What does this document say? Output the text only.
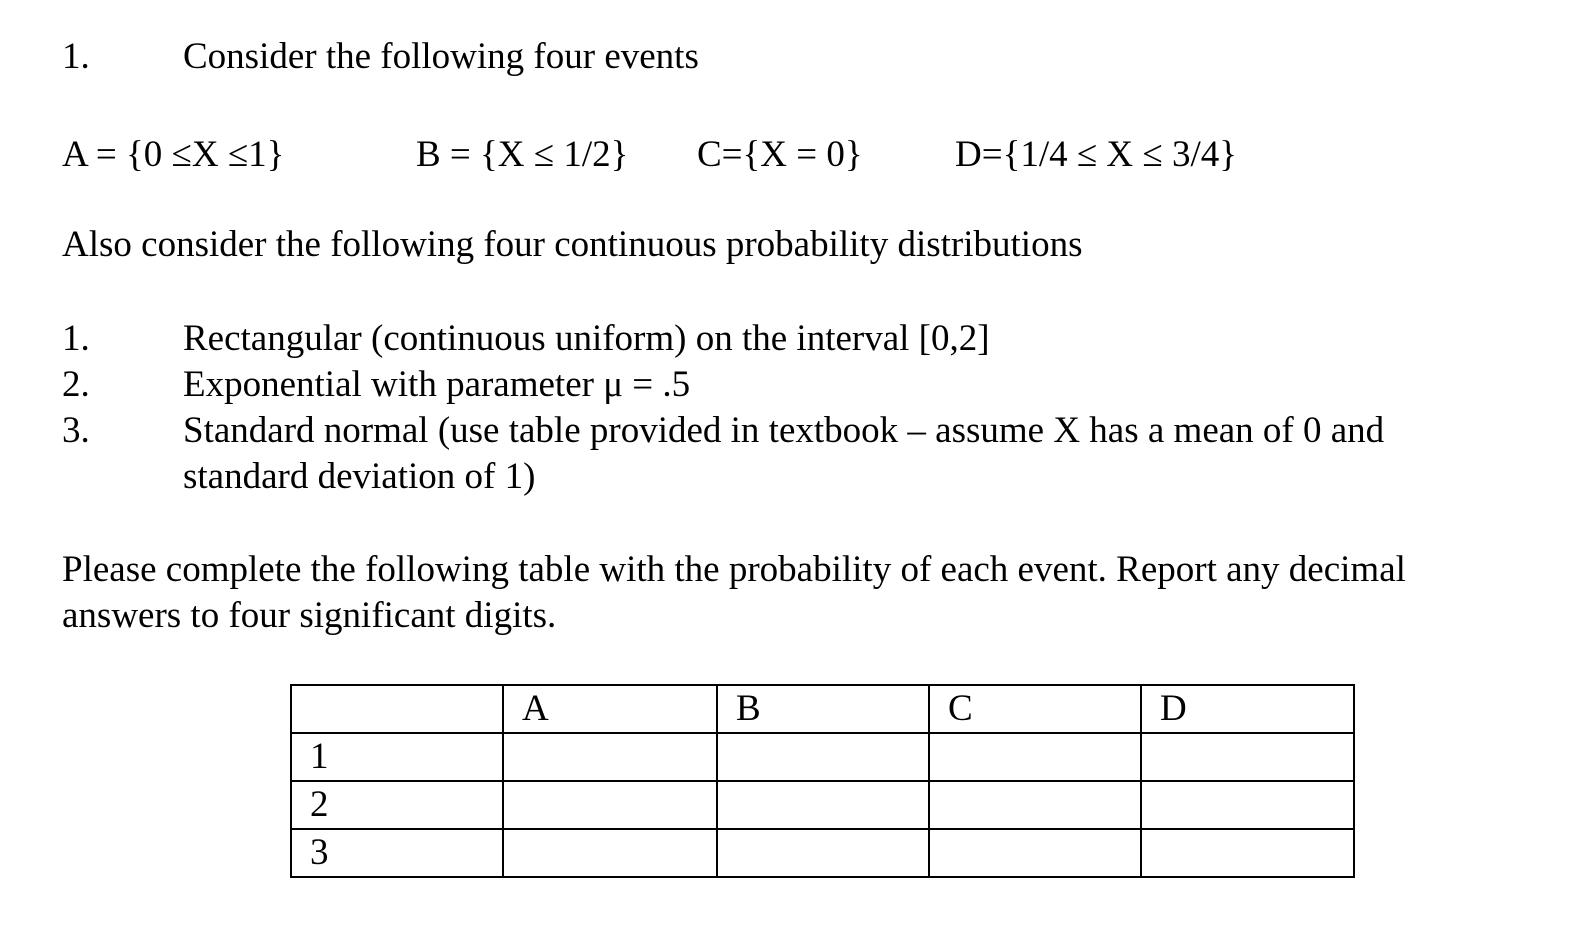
1.	Consider the following four events
A = {0 ≤X ≤1}	B = {X ≤ 1/2} C={X = 0} D={1/4 ≤ X ≤ 3/4}
Also consider the following four continuous probability distributions
1.	Rectangular (continuous uniform) on the interval [0,2]
2.	Exponential with parameter μ = .5
3.	Standard normal (use table provided in textbook – assume X has a mean of 0 and
standard deviation of 1)
Please complete the following table with the probability of each event. Report any decimal
answers to four significant digits.
	A	B	C	D
1				
2				
3				
